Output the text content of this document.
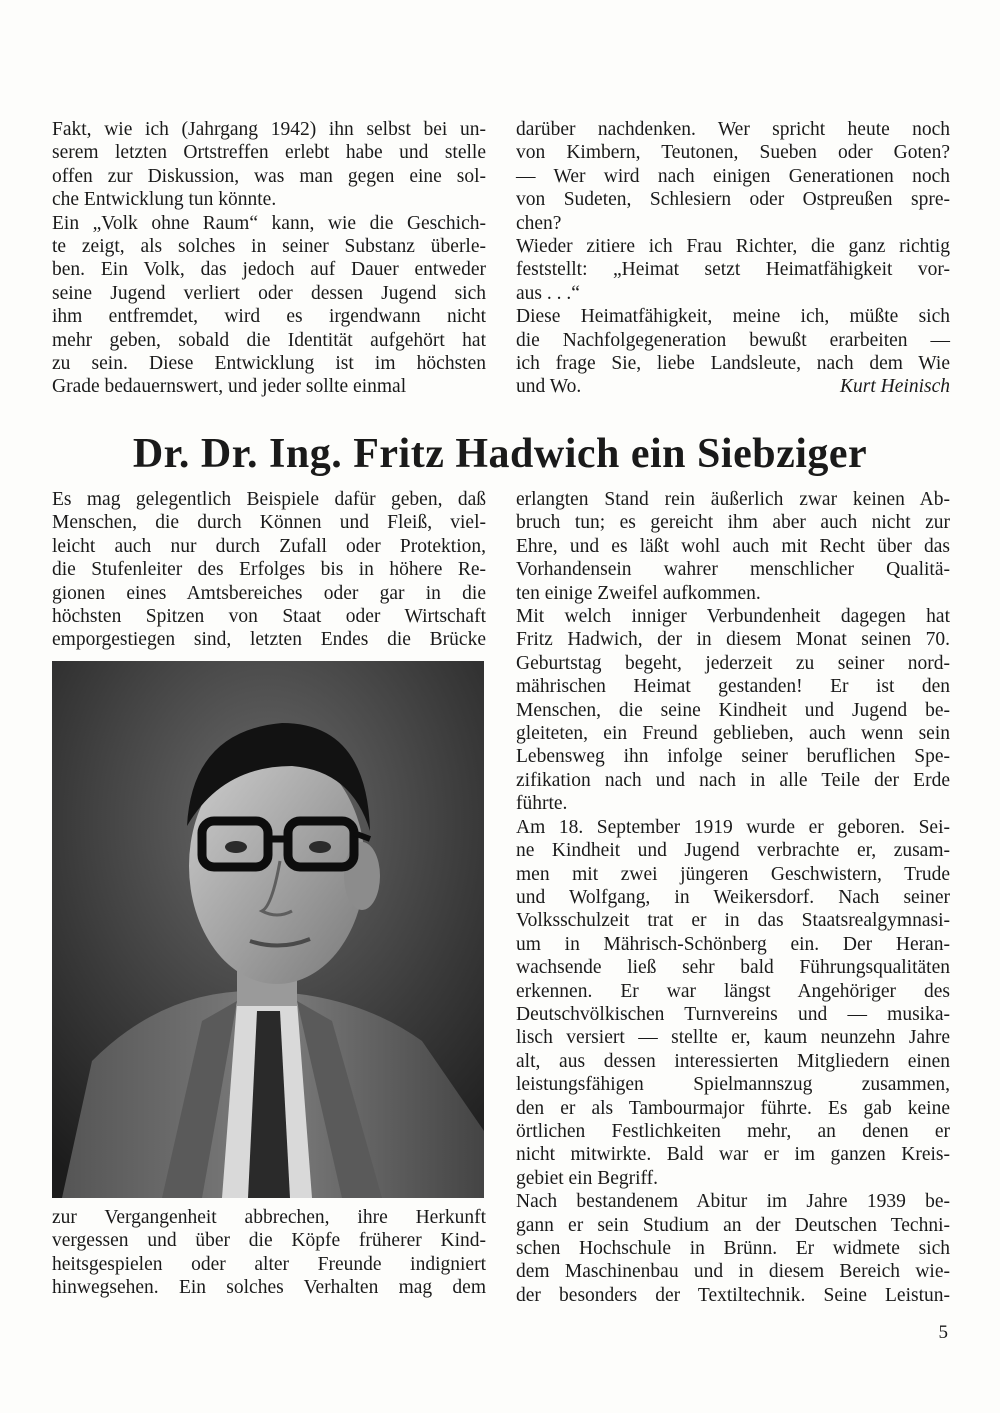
Fakt, wie ich (Jahrgang 1942) ihn selbst bei un-
serem letzten Ortstreffen erlebt habe und stelle
offen zur Diskussion, was man gegen eine sol-
che Entwicklung tun könnte.
Ein „Volk ohne Raum“ kann, wie die Geschich-
te zeigt, als solches in seiner Substanz überle-
ben. Ein Volk, das jedoch auf Dauer entweder
seine Jugend verliert oder dessen Jugend sich
ihm entfremdet, wird es irgendwann nicht
mehr geben, sobald die Identität aufgehört hat
zu sein. Diese Entwicklung ist im höchsten
Grade bedauernswert, und jeder sollte einmal
darüber nachdenken. Wer spricht heute noch
von Kimbern, Teutonen, Sueben oder Goten?
— Wer wird nach einigen Generationen noch
von Sudeten, Schlesiern oder Ostpreußen spre-
chen?
Wieder zitiere ich Frau Richter, die ganz richtig
feststellt: „Heimat setzt Heimatfähigkeit vor-
aus . . .“
Diese Heimatfähigkeit, meine ich, müßte sich
die Nachfolgegeneration bewußt erarbeiten —
ich frage Sie, liebe Landsleute, nach dem Wie
und Wo.	Kurt Heinisch
Dr. Dr. Ing. Fritz Hadwich ein Siebziger
Es mag gelegentlich Beispiele dafür geben, daß
Menschen, die durch Können und Fleiß, viel-
leicht auch nur durch Zufall oder Protektion,
die Stufenleiter des Erfolges bis in höhere Re-
gionen eines Amtsbereiches oder gar in die
höchsten Spitzen von Staat oder Wirtschaft
emporgestiegen sind, letzten Endes die Brücke
zur Vergangenheit abbrechen, ihre Herkunft
vergessen und über die Köpfe früherer Kind-
heitsgespielen oder alter Freunde indigniert
hinwegsehen. Ein solches Verhalten mag dem
erlangten Stand rein äußerlich zwar keinen Ab-
bruch tun; es gereicht ihm aber auch nicht zur
Ehre, und es läßt wohl auch mit Recht über das
Vorhandensein wahrer menschlicher Qualitä-
ten einige Zweifel aufkommen.
Mit welch inniger Verbundenheit dagegen hat
Fritz Hadwich, der in diesem Monat seinen 70.
Geburtstag begeht, jederzeit zu seiner nord-
mährischen Heimat gestanden! Er ist den
Menschen, die seine Kindheit und Jugend be-
gleiteten, ein Freund geblieben, auch wenn sein
Lebensweg ihn infolge seiner beruflichen Spe-
zifikation nach und nach in alle Teile der Erde
führte.
Am 18. September 1919 wurde er geboren. Sei-
ne Kindheit und Jugend verbrachte er, zusam-
men mit zwei jüngeren Geschwistern, Trude
und Wolfgang, in Weikersdorf. Nach seiner
Volksschulzeit trat er in das Staatsrealgymnasi-
um in Mährisch-Schönberg ein. Der Heran-
wachsende ließ sehr bald Führungsqualitäten
erkennen. Er war längst Angehöriger des
Deutschvölkischen Turnvereins und — musika-
lisch versiert — stellte er, kaum neunzehn Jahre
alt, aus dessen interessierten Mitgliedern einen
leistungsfähigen Spielmannszug zusammen,
den er als Tambourmajor führte. Es gab keine
örtlichen Festlichkeiten mehr, an denen er
nicht mitwirkte. Bald war er im ganzen Kreis-
gebiet ein Begriff.
Nach bestandenem Abitur im Jahre 1939 be-
gann er sein Studium an der Deutschen Techni-
schen Hochschule in Brünn. Er widmete sich
dem Maschinenbau und in diesem Bereich wie-
der besonders der Textiltechnik. Seine Leistun-
5
